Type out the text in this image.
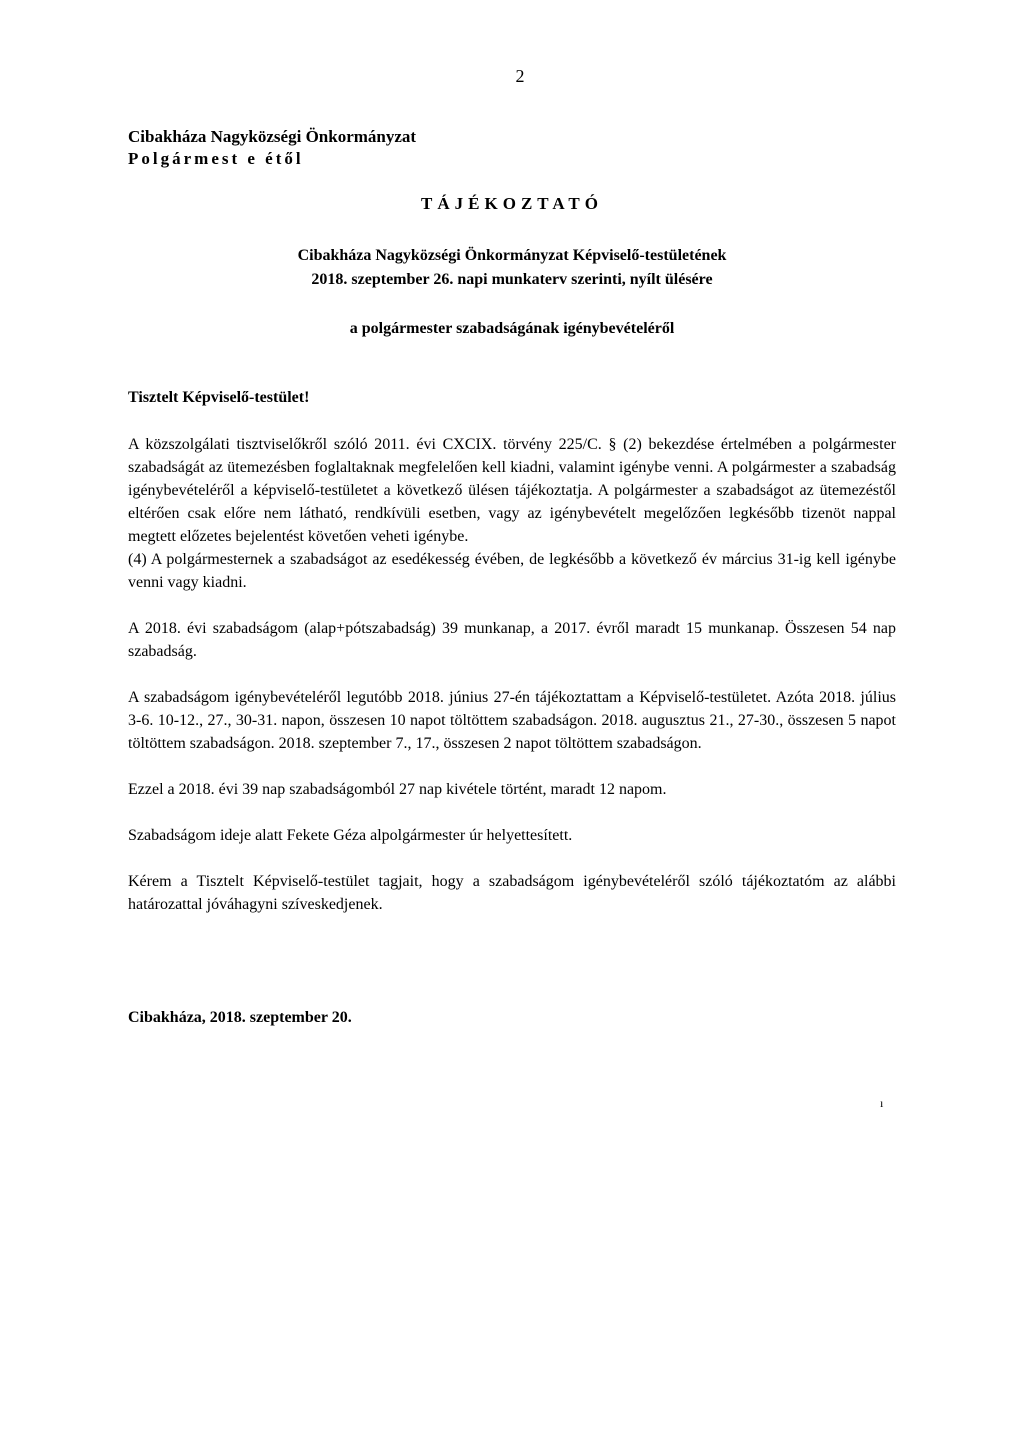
2
Cibakháza Nagyközségi Önkormányzat
Polgármest e étől
TÁJÉKOZTATÓ
Cibakháza Nagyközségi Önkormányzat Képviselő-testületének
2018. szeptember 26. napi munkaterv szerinti, nyílt ülésére
a polgármester szabadságának igénybevételéről
Tisztelt Képviselő-testület!

A közszolgálati tisztviselőkről szóló 2011. évi CXCIX. törvény 225/C. § (2) bekezdése értelmében a polgármester szabadságát az ütemezésben foglaltaknak megfelelően kell kiadni, valamint igénybe venni. A polgármester a szabadság igénybevételéről a képviselő-testületet a következő ülésen tájékoztatja. A polgármester a szabadságot az ütemezéstől eltérően csak előre nem látható, rendkívüli esetben, vagy az igénybevételt megelőzően legkésőbb tizenöt nappal megtett előzetes bejelentést követően veheti igénybe.

(4) A polgármesternek a szabadságot az esedékesség évében, de legkésőbb a következő év március 31-ig kell igénybe venni vagy kiadni.

A 2018. évi szabadságom (alap+pótszabadság) 39 munkanap, a 2017. évről maradt 15 munkanap. Összesen 54 nap szabadság.

A szabadságom igénybevételéről legutóbb 2018. június 27-én tájékoztattam a Képviselő-testületet. Azóta 2018. július 3-6. 10-12., 27., 30-31. napon, összesen 10 napot töltöttem szabadságon. 2018. augusztus 21., 27-30., összesen 5 napot töltöttem szabadságon. 2018. szeptember 7., 17., összesen 2 napot töltöttem szabadságon.

Ezzel a 2018. évi 39 nap szabadságomból 27 nap kivétele történt, maradt 12 napom.

Szabadságom ideje alatt Fekete Géza alpolgármester úr helyettesített.

Kérem a Tisztelt Képviselő-testület tagjait, hogy a szabadságom igénybevételéről szóló tájékoztatóm az alábbi határozattal jóváhagyni szíveskedjenek.

Cibakháza, 2018. szeptember 20.
ı
